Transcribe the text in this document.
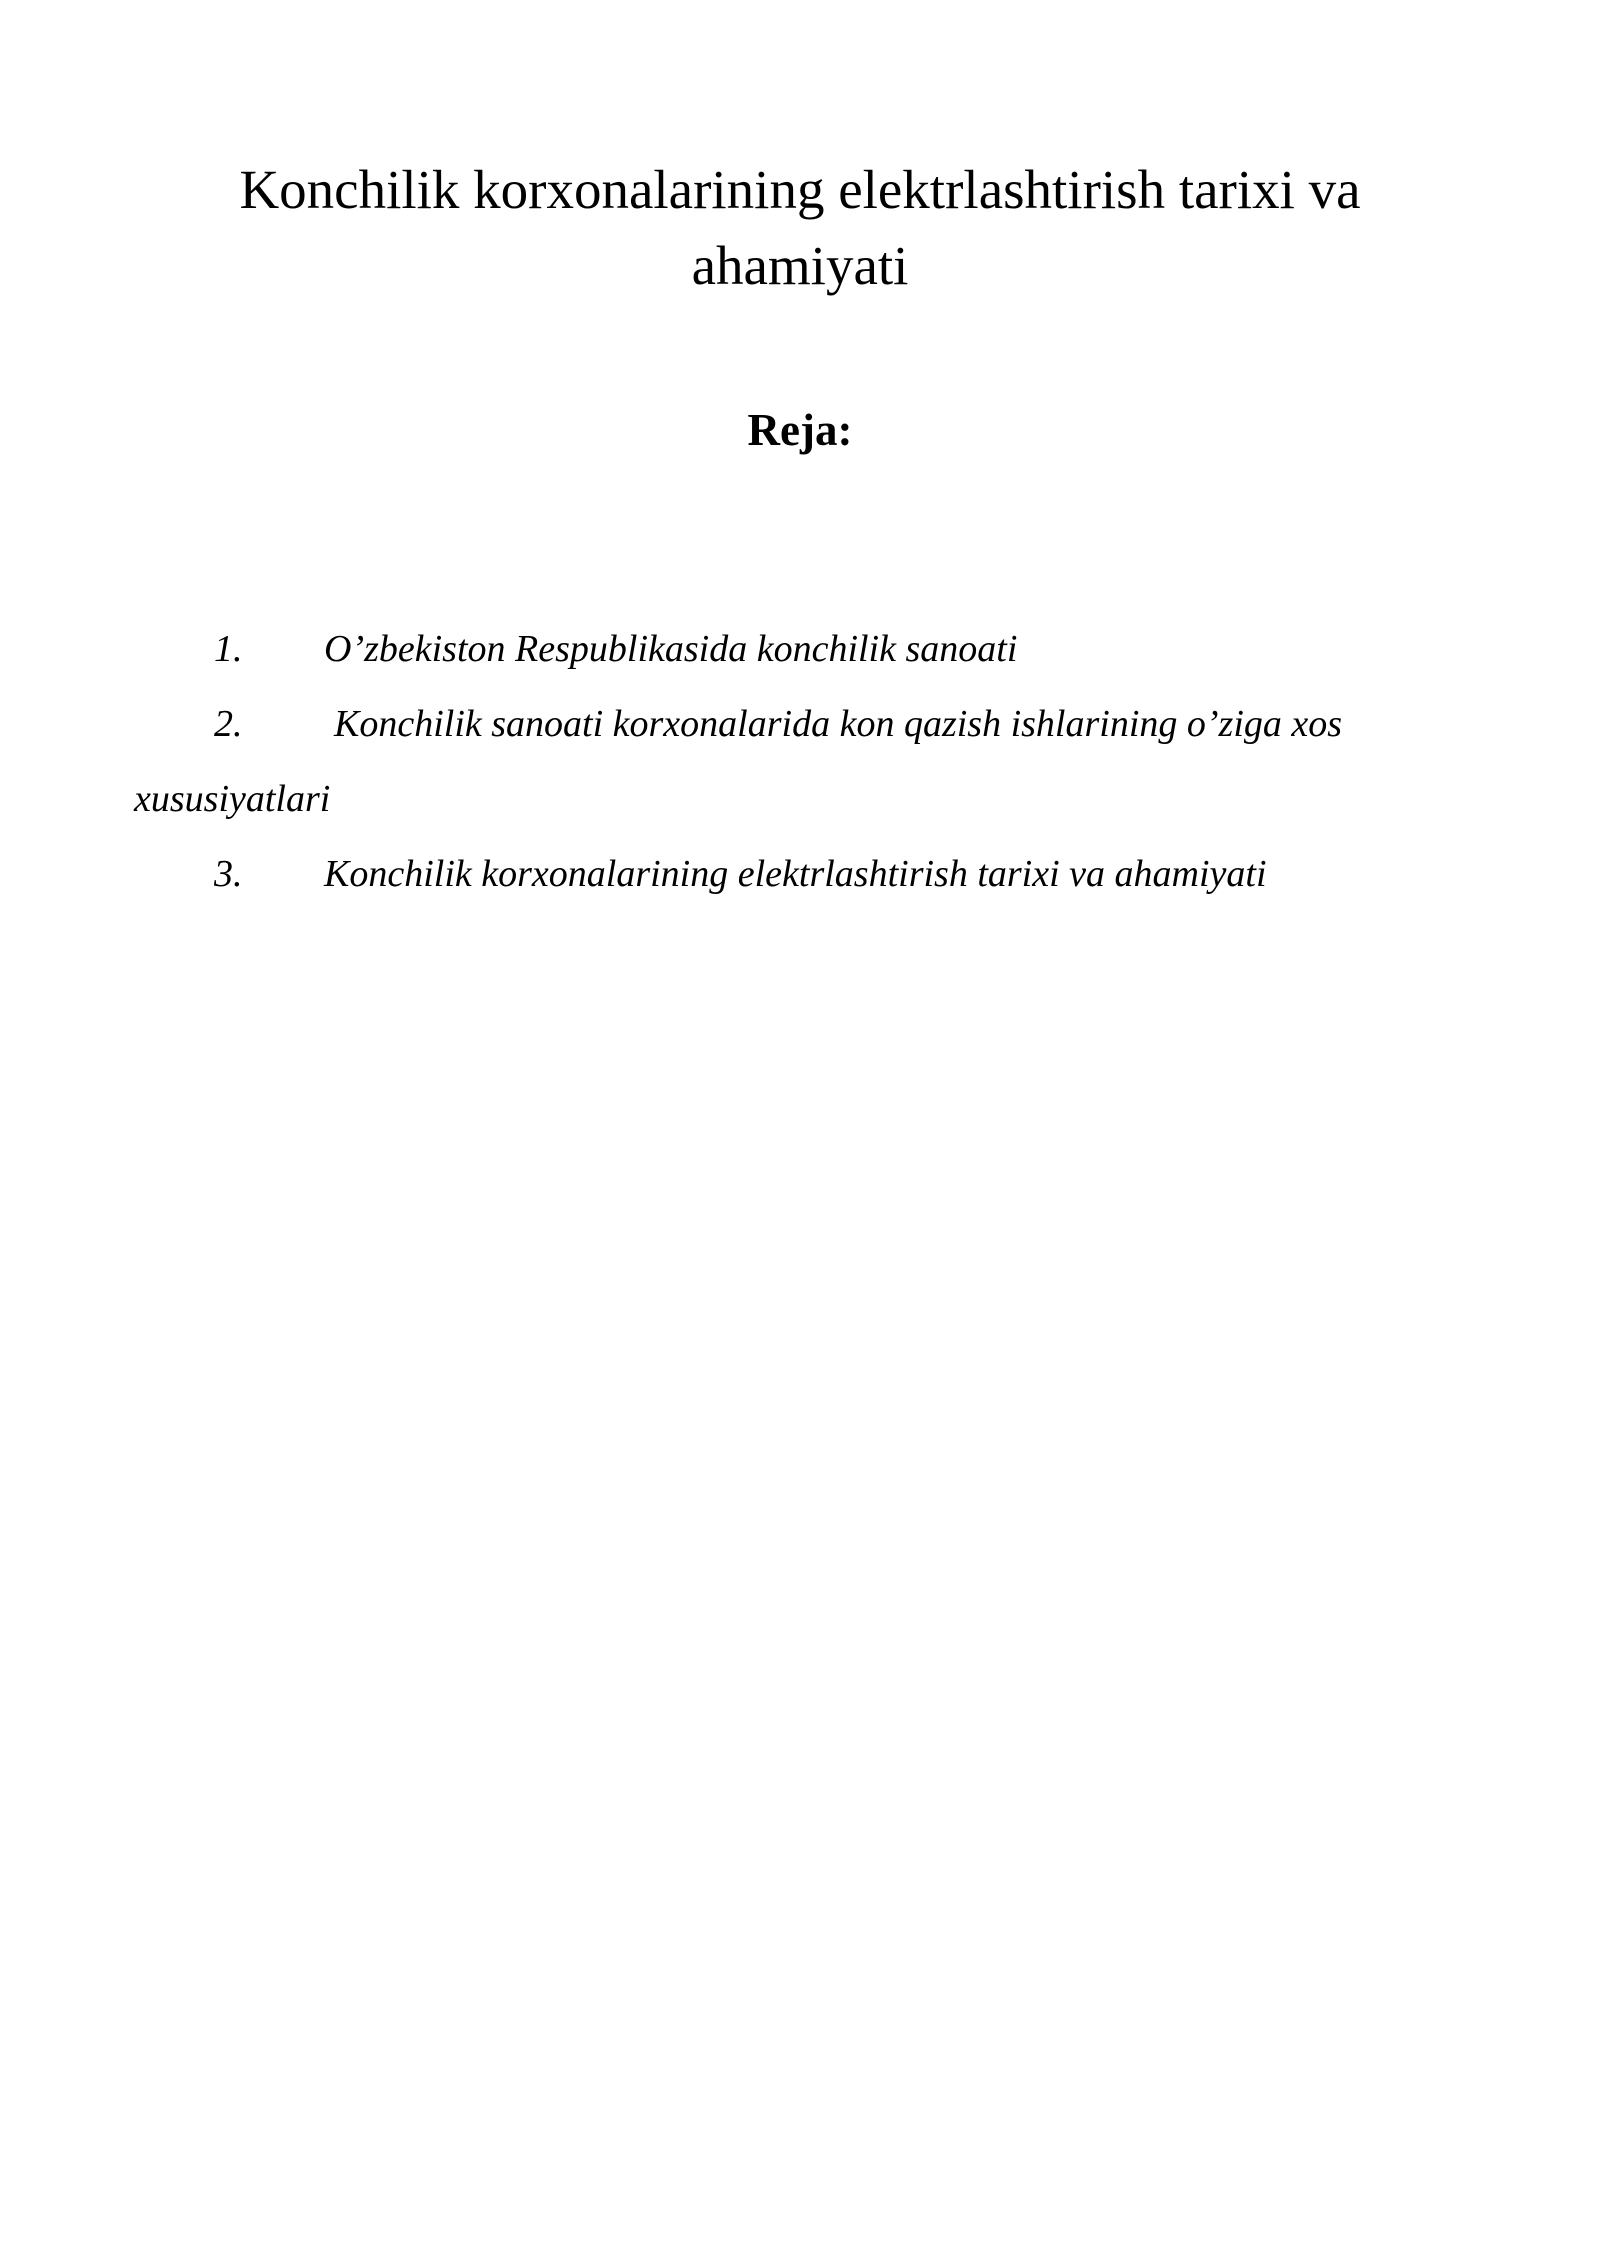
Konchilik korxonalarining elektrlashtirish tarixi va ahamiyati
Reja:
1. O’zbekiston Respublikasida konchilik sanoati
2. Konchilik sanoati korxonalarida kon qazish ishlarining o’ziga xos xususiyatlari
3. Konchilik korxonalarining elektrlashtirish tarixi va ahamiyati
